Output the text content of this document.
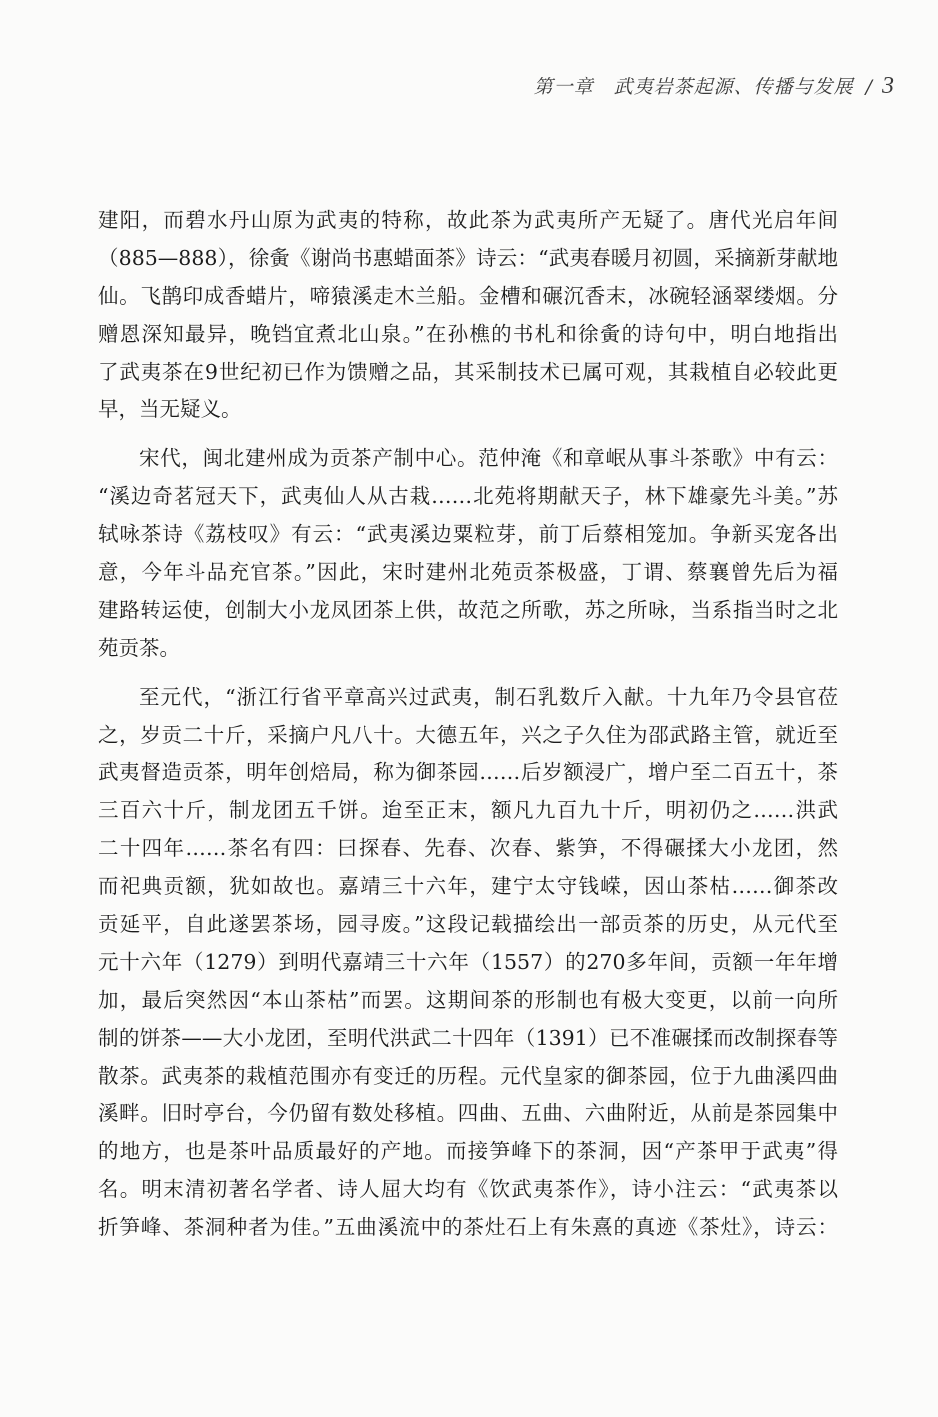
第一章　武夷岩茶起源、传播与发展 / 3
建阳，而碧水丹山原为武夷的特称，故此茶为武夷所产无疑了。唐代光启年间
（885—888），徐夤《谢尚书惠蜡面茶》诗云：“武夷春暖月初圆，采摘新芽献地
仙。飞鹊印成香蜡片，啼猿溪走木兰船。金槽和碾沉香末，冰碗轻涵翠缕烟。分
赠恩深知最异，晚铛宜煮北山泉。”在孙樵的书札和徐夤的诗句中，明白地指出
了武夷茶在9世纪初已作为馈赠之品，其采制技术已属可观，其栽植自必较此更
早，当无疑义。
宋代，闽北建州成为贡茶产制中心。范仲淹《和章岷从事斗茶歌》中有云：
“溪边奇茗冠天下，武夷仙人从古栽……北苑将期献天子，林下雄豪先斗美。”苏
轼咏茶诗《荔枝叹》有云：“武夷溪边粟粒芽，前丁后蔡相笼加。争新买宠各出
意，今年斗品充官茶。”因此，宋时建州北苑贡茶极盛，丁谓、蔡襄曾先后为福
建路转运使，创制大小龙凤团茶上供，故范之所歌，苏之所咏，当系指当时之北
苑贡茶。
至元代，“浙江行省平章高兴过武夷，制石乳数斤入献。十九年乃令县官莅
之，岁贡二十斤，采摘户凡八十。大德五年，兴之子久住为邵武路主管，就近至
武夷督造贡茶，明年创焙局，称为御茶园……后岁额浸广，增户至二百五十，茶
三百六十斤，制龙团五千饼。迨至正末，额凡九百九十斤，明初仍之……洪武
二十四年……茶名有四：曰探春、先春、次春、紫笋，不得碾揉大小龙团，然
而祀典贡额，犹如故也。嘉靖三十六年，建宁太守钱嵘，因山茶枯……御茶改
贡延平，自此遂罢茶场，园寻废。”这段记载描绘出一部贡茶的历史，从元代至
元十六年（1279）到明代嘉靖三十六年（1557）的270多年间，贡额一年年增
加，最后突然因“本山茶枯”而罢。这期间茶的形制也有极大变更，以前一向所
制的饼茶——大小龙团，至明代洪武二十四年（1391）已不准碾揉而改制探春等
散茶。武夷茶的栽植范围亦有变迁的历程。元代皇家的御茶园，位于九曲溪四曲
溪畔。旧时亭台，今仍留有数处移植。四曲、五曲、六曲附近，从前是茶园集中
的地方，也是茶叶品质最好的产地。而接笋峰下的茶洞，因“产茶甲于武夷”得
名。明末清初著名学者、诗人屈大均有《饮武夷茶作》，诗小注云：“武夷茶以
折笋峰、茶洞种者为佳。”五曲溪流中的茶灶石上有朱熹的真迹《茶灶》，诗云：
